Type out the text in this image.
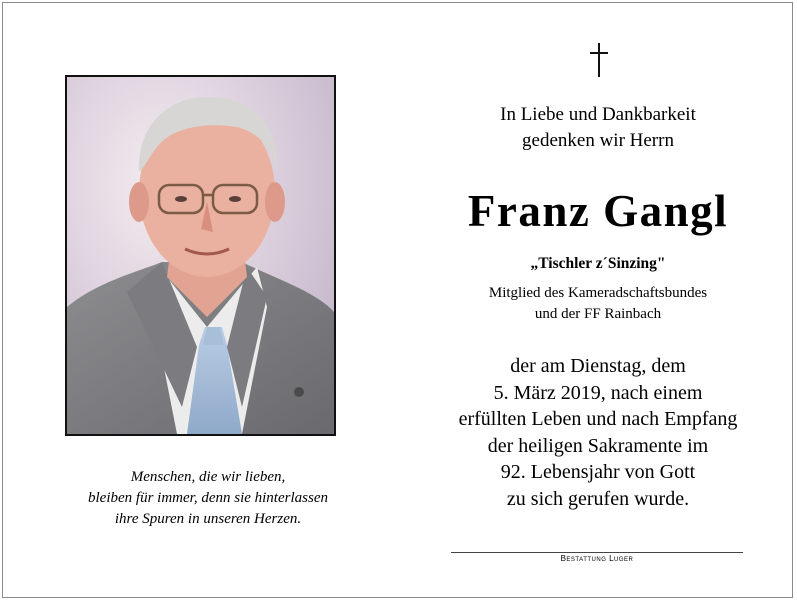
Menschen, die wir lieben,
bleiben für immer, denn sie hinterlassen
ihre Spuren in unseren Herzen.
In Liebe und Dankbarkeit
gedenken wir Herrn
Franz Gangl
„Tischler z´Sinzing"
Mitglied des Kameradschaftsbundes
und der FF Rainbach
der am Dienstag, dem
5. März 2019, nach einem
erfüllten Leben und nach Empfang
der heiligen Sakramente im
92. Lebensjahr von Gott
zu sich gerufen wurde.
Bestattung Luger
